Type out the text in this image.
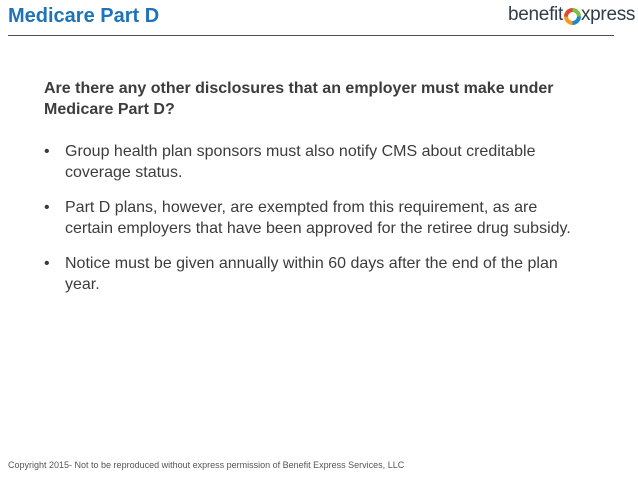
Medicare Part D	benefit xpress
Are there any other disclosures that an employer must make under  Medicare Part D?
• Group health plan sponsors must also notify CMS about creditable coverage status.
• Part D plans, however, are exempted from this requirement, as are certain employers that have been approved for the retiree drug subsidy.
• Notice must be given annually within 60 days after the end of the plan year.
Copyright 2015- Not to be reproduced without express permission of Benefit Express Services, LLC
